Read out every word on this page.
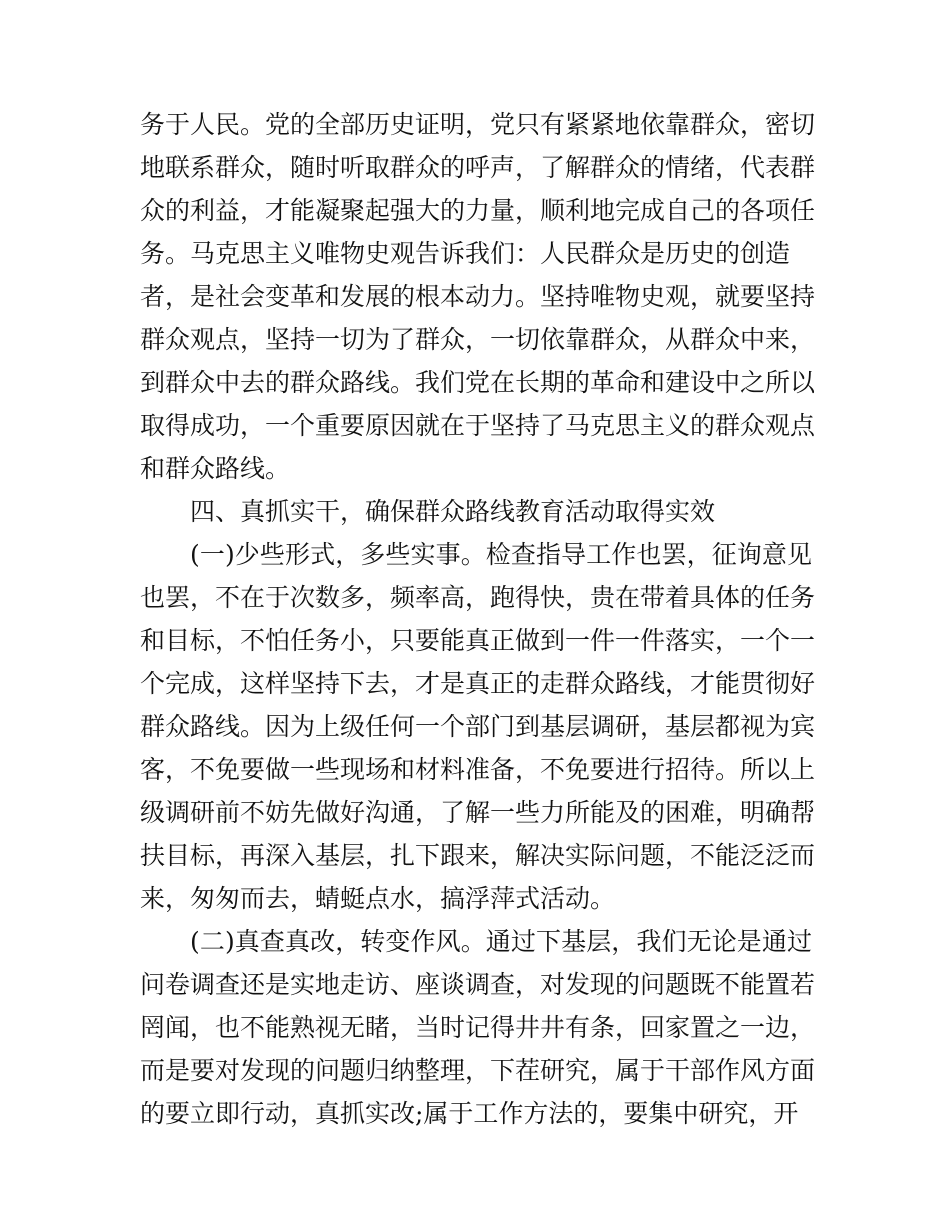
务于人民。党的全部历史证明，党只有紧紧地依靠群众，密切

地联系群众，随时听取群众的呼声，了解群众的情绪，代表群

众的利益，才能凝聚起强大的力量，顺利地完成自己的各项任

务。马克思主义唯物史观告诉我们：人民群众是历史的创造

者，是社会变革和发展的根本动力。坚持唯物史观，就要坚持

群众观点，坚持一切为了群众，一切依靠群众，从群众中来，

到群众中去的群众路线。我们党在长期的革命和建设中之所以

取得成功，一个重要原因就在于坚持了马克思主义的群众观点

和群众路线。

四、真抓实干，确保群众路线教育活动取得实效

(一)少些形式，多些实事。检查指导工作也罢，征询意见

也罢，不在于次数多，频率高，跑得快，贵在带着具体的任务

和目标，不怕任务小，只要能真正做到一件一件落实，一个一

个完成，这样坚持下去，才是真正的走群众路线，才能贯彻好

群众路线。因为上级任何一个部门到基层调研，基层都视为宾

客，不免要做一些现场和材料准备，不免要进行招待。所以上

级调研前不妨先做好沟通，了解一些力所能及的困难，明确帮

扶目标，再深入基层，扎下跟来，解决实际问题，不能泛泛而

来，匆匆而去，蜻蜓点水，搞浮萍式活动。

(二)真查真改，转变作风。通过下基层，我们无论是通过

问卷调查还是实地走访、座谈调查，对发现的问题既不能置若

罔闻，也不能熟视无睹，当时记得井井有条，回家置之一边，

而是要对发现的问题归纳整理，下茬研究，属于干部作风方面

的要立即行动，真抓实改;属于工作方法的，要集中研究，开
